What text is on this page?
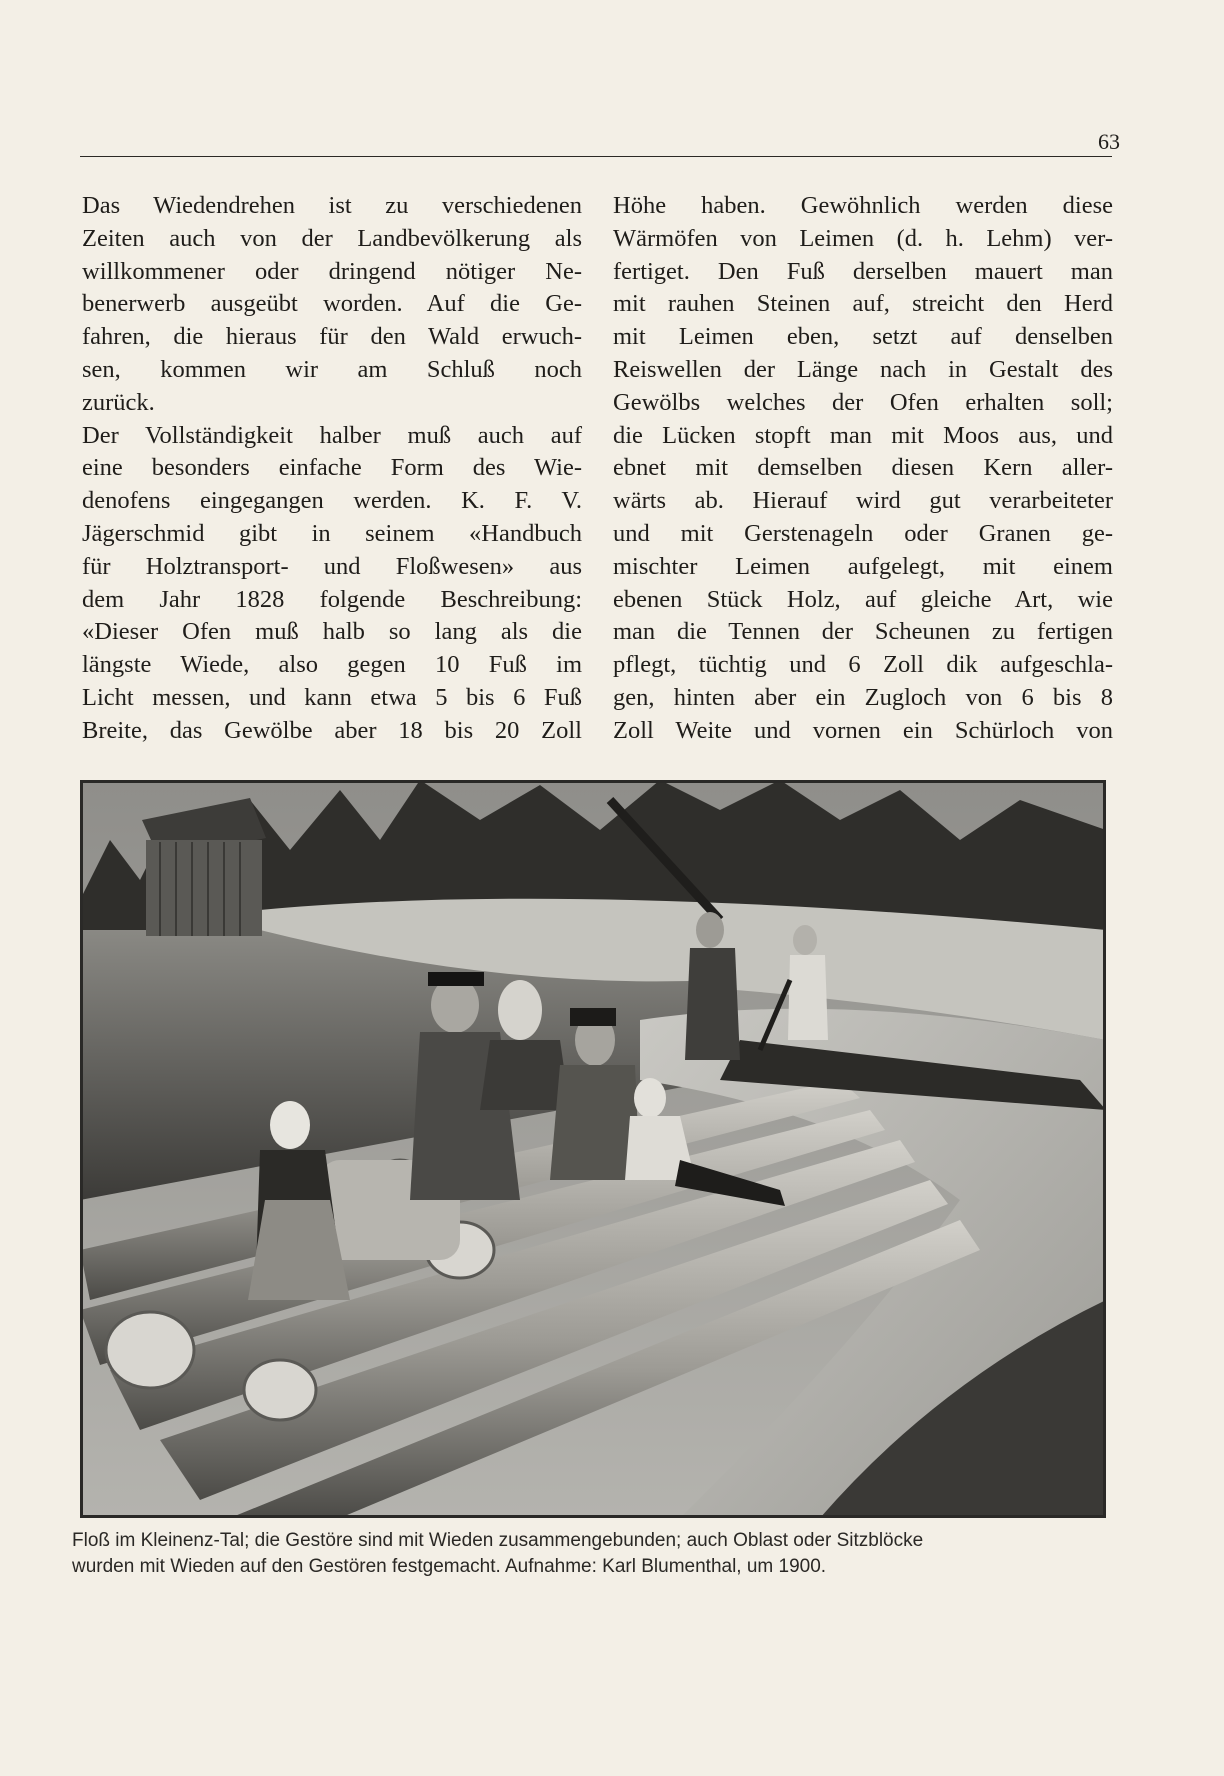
63
Das Wiedendrehen ist zu verschiedenen
Zeiten auch von der Landbevölkerung als
willkommener oder dringend nötiger Ne-
benerwerb ausgeübt worden. Auf die Ge-
fahren, die hieraus für den Wald erwuch-
sen, kommen wir am Schluß noch
zurück.
Der Vollständigkeit halber muß auch auf
eine besonders einfache Form des Wie-
denofens eingegangen werden. K. F. V.
Jägerschmid gibt in seinem «Handbuch
für Holztransport- und Floßwesen» aus
dem Jahr 1828 folgende Beschreibung:
«Dieser Ofen muß halb so lang als die
längste Wiede, also gegen 10 Fuß im
Licht messen, und kann etwa 5 bis 6 Fuß
Breite, das Gewölbe aber 18 bis 20 Zoll
Höhe haben. Gewöhnlich werden diese
Wärmöfen von Leimen (d. h. Lehm) ver-
fertiget. Den Fuß derselben mauert man
mit rauhen Steinen auf, streicht den Herd
mit Leimen eben, setzt auf denselben
Reiswellen der Länge nach in Gestalt des
Gewölbs welches der Ofen erhalten soll;
die Lücken stopft man mit Moos aus, und
ebnet mit demselben diesen Kern aller-
wärts ab. Hierauf wird gut verarbeiteter
und mit Gerstenageln oder Granen ge-
mischter Leimen aufgelegt, mit einem
ebenen Stück Holz, auf gleiche Art, wie
man die Tennen der Scheunen zu fertigen
pflegt, tüchtig und 6 Zoll dik aufgeschla-
gen, hinten aber ein Zugloch von 6 bis 8
Zoll Weite und vornen ein Schürloch von
Floß im Kleinenz-Tal; die Gestöre sind mit Wieden zusammengebunden; auch Oblast oder Sitzblöcke
wurden mit Wieden auf den Gestören festgemacht. Aufnahme: Karl Blumenthal, um 1900.
